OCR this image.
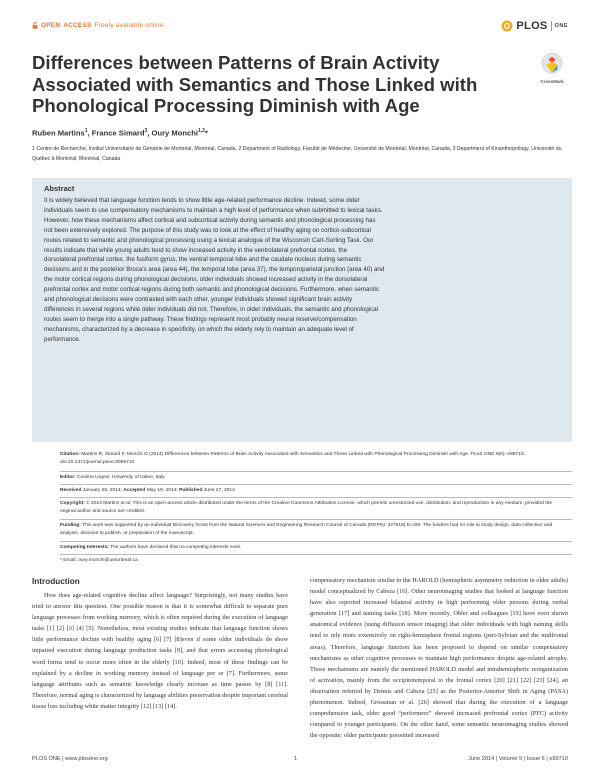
OPEN ACCESS Freely available online	PLOS ONE
Differences between Patterns of Brain Activity Associated with Semantics and Those Linked with Phonological Processing Diminish with Age
CrossMark
Ruben Martins$^1$, France Simard$^3$, Oury Monchi$^{1,2}$*
1 Centre de Recherche, Institut Universitaire de Gériatrie de Montréal, Montréal, Canada, 2 Department of Radiology, Faculté de Médecine, Université de Montréal, Montréal, Canada, 3 Department of Kinanthropology, Université du Québec à Montréal, Montréal, Canada
Abstract
It is widely believed that language function tends to show little age-related performance decline. Indeed, some older
individuals seem to use compensatory mechanisms to maintain a high level of performance when submitted to lexical tasks.
However, how these mechanisms affect cortical and subcortical activity during semantic and phonological processing has
not been extensively explored. The purpose of this study was to look at the effect of healthy aging on cortico-subcortical
routes related to semantic and phonological processing using a lexical analogue of the Wisconsin Cart-Sorting Task. Our
results indicate that while young adults tend to show increased activity in the ventrolateral prefrontal cortex, the
dorsolateral prefrontal cortex, the fusiform gyrus, the ventral temporal lobe and the caudate nucleus during semantic
decisions and in the posterior Broca's area (area 44), the temporal lobe (area 37), the temporoparietal junction (area 40) and
the motor cortical regions during phonological decisions, older individuals showed increased activity in the dorsolateral
prefrontal cortex and motor cortical regions during both semantic and phonological decisions. Furthermore, when semantic
and phonological decisions were contrasted with each other, younger individuals showed significant brain activity
differences in several regions while older individuals did not. Therefore, in older individuals, the semantic and phonological
routes seem to merge into a single pathway. These findings represent most probably neural reserve/compensation
mechanisms, characterized by a decrease in specificity, on which the elderly rely to maintain an adequate level of
performance.
Citation: Martins R, Simard F, Monchi O (2014) Differences between Patterns of Brain Activity Associated with Semantics and Those Linked with Phonological Processing Diminish with Age. PLoS ONE 9(6): e99710. doi:10.1371/journal.pone.0099710
Editor: Cosimo Urgesi, University of Udine, Italy
Received January 26, 2014; Accepted May 19, 2014; Published June 27, 2014
Copyright: © 2014 Martins et al. This is an open-access article distributed under the terms of the Creative Commons Attribution License, which permits unrestricted use, distribution, and reproduction in any medium, provided the original author and source are credited.
Funding: This work was supported by an individual Discovery Grant from the Natural Sciences and Engineering Research Council of Canada (RGPIN: 327518) to OM. The funders had no role in study design, data collection and analysis, decision to publish, or preparation of the manuscript.
Competing Interests: The authors have declared that no competing interests exist.
* Email: oury.monchi@umontreal.ca
Introduction

How does age-related cognitive decline affect language? Surprisingly, not many studies have tried to answer this question. One possible reason is that it is somewhat difficult to separate pure language processes from working memory, which is often required during the execution of language tasks [1] [2] [3] [4] [5]. Nonetheless, most existing studies indicate that language function shows little performance decline with healthy aging [6] [7] [8]even if some older individuals do show impaired execution during language production tasks [9], and that errors accessing phonological word forms tend to occur more often in the elderly [10]. Indeed, most of these findings can be explained by a decline in working memory instead of language per se [7]. Furthermore, some language attributes such as semantic knowledge clearly increase as time passes by [8] [11]. Therefore, normal aging is characterized by language abilities preservation despite important cerebral tissue loss including white matter integrity [12] [13] [14].

compensatory mechanism similar to the HAROLD (hemispheric asymmetry reduction in older adults) model conceptualized by Cabeza [16]. Other neuroimaging studies that looked at language function have also reported increased bilateral activity in high performing older persons during verbal generation [17] and naming tasks [18]. More recently, Obler and colleagues [19] have even shown anatomical evidence (using diffusion tensor imaging) that older individuals with high naming skills tend to rely more extensively on right-hemisphere frontal regions (peri-Sylvian and the midfrontal areas). Therefore, language function has been proposed to depend on similar compensatory mechanisms as other cognitive processes to maintain high performance despite age-related atrophy. Those mechanisms are namely the mentioned HAROLD model and intrahemispheric reorganization of activation, mainly from the occipitotemporal to the frontal cortex [20] [21] [22] [23] [24], an observation referred by Dennis and Cabeza [25] as the Posterior-Anterior Shift in Aging (PASA) phenomenon. Indeed, Grossman et al. [26] showed that during the execution of a language comprehension task, older good “performers” showed increased prefrontal cortex (PFC) activity compared to younger participants. On the other hand, some semantic neuroimaging studies showed the opposite: older participants presented increased

PLOS ONE | www.plosone.org	1	June 2014 | Volume 9 | Issue 6 | e99710
